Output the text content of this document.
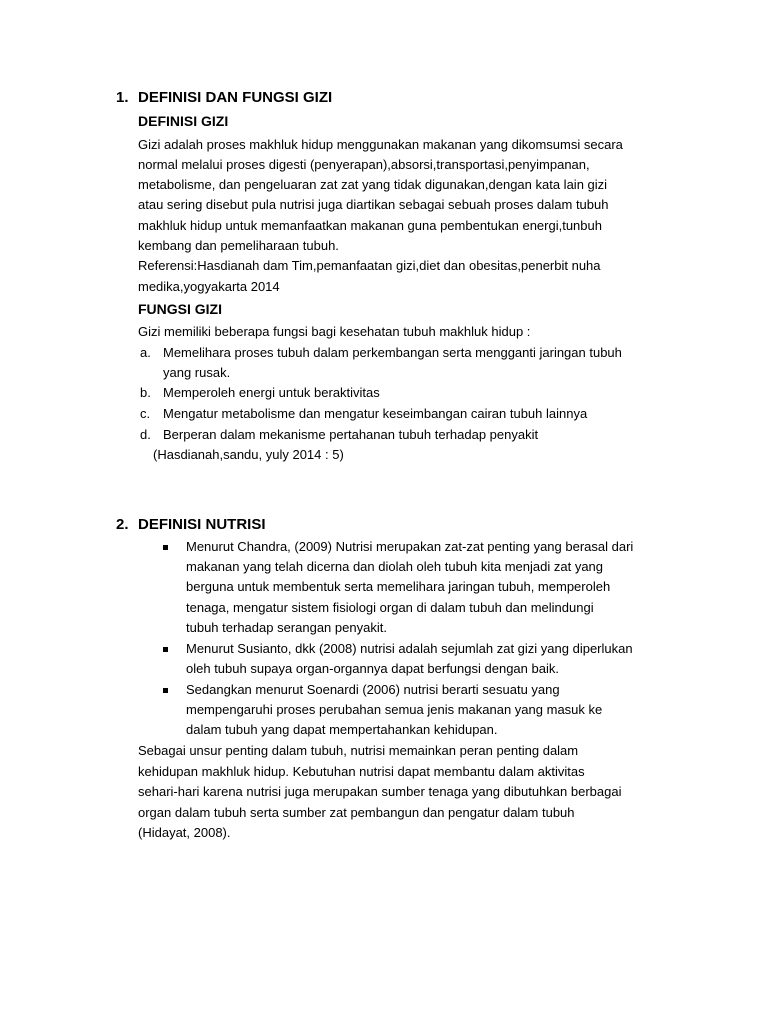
1. DEFINISI DAN FUNGSI GIZI
DEFINISI GIZI
Gizi adalah proses makhluk hidup menggunakan makanan yang dikomsumsi secara
normal melalui proses digesti (penyerapan),absorsi,transportasi,penyimpanan,
metabolisme, dan pengeluaran zat zat yang tidak digunakan,dengan kata lain gizi
atau sering disebut pula nutrisi juga diartikan sebagai sebuah proses dalam tubuh
makhluk hidup untuk memanfaatkan makanan guna pembentukan energi,tunbuh
kembang dan pemeliharaan tubuh.
Referensi:Hasdianah dam Tim,pemanfaatan gizi,diet dan obesitas,penerbit nuha
medika,yogyakarta 2014
FUNGSI GIZI
Gizi memiliki beberapa fungsi bagi kesehatan tubuh makhluk hidup :
a. Memelihara proses tubuh dalam perkembangan serta mengganti jaringan tubuh
yang rusak.
b. Memperoleh energi untuk beraktivitas
c. Mengatur metabolisme dan mengatur keseimbangan cairan tubuh lainnya
d. Berperan dalam mekanisme pertahanan tubuh terhadap penyakit
(Hasdianah,sandu, yuly 2014 : 5)
2. DEFINISI NUTRISI
Menurut Chandra, (2009) Nutrisi merupakan zat-zat penting yang berasal dari
makanan yang telah dicerna dan diolah oleh tubuh kita menjadi zat yang
berguna untuk membentuk serta memelihara jaringan tubuh, memperoleh
tenaga, mengatur sistem fisiologi organ di dalam tubuh dan melindungi
tubuh terhadap serangan penyakit.
Menurut Susianto, dkk (2008) nutrisi adalah sejumlah zat gizi yang diperlukan
oleh tubuh supaya organ-organnya dapat berfungsi dengan baik.
Sedangkan menurut Soenardi (2006) nutrisi berarti sesuatu yang
mempengaruhi proses perubahan semua jenis makanan yang masuk ke
dalam tubuh yang dapat mempertahankan kehidupan.
Sebagai unsur penting dalam tubuh, nutrisi memainkan peran penting dalam
kehidupan makhluk hidup. Kebutuhan nutrisi dapat membantu dalam aktivitas
sehari-hari karena nutrisi juga merupakan sumber tenaga yang dibutuhkan berbagai
organ dalam tubuh serta sumber zat pembangun dan pengatur dalam tubuh
(Hidayat, 2008).
